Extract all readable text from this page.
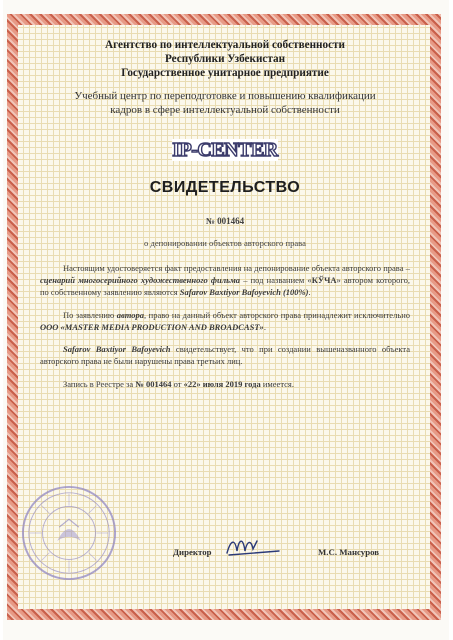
Агентство по интеллектуальной собственности
Республики Узбекистан
Государственное унитарное предприятие
Учебный центр по переподготовке и повышению квалификации
кадров в сфере интеллектуальной собственности
IP-CENTER
СВИДЕТЕЛЬСТВО
№ 001464
о депонировании объектов авторского права

Настоящим удостоверяется факт предоставления на депонирование объекта авторского права – сценарий многосерийного художественного фильма – под названием «КЎЧА» автором которого, по собственному заявлению являются Safarov Baxtiyor Bafoyevich (100%).

По заявлению автора, право на данный объект авторского права принадлежит исключительно ООО «MASTER MEDIA PRODUCTION AND BROADCAST».

Safarov Baxtiyor Bafoyevich свидетельствует, что при создании вышеназванного объекта авторского права не были нарушены права третьих лиц.

Запись в Реестре за № 001464 от «22» июля 2019 года имеется.
Директор	М.С. Мансуров
